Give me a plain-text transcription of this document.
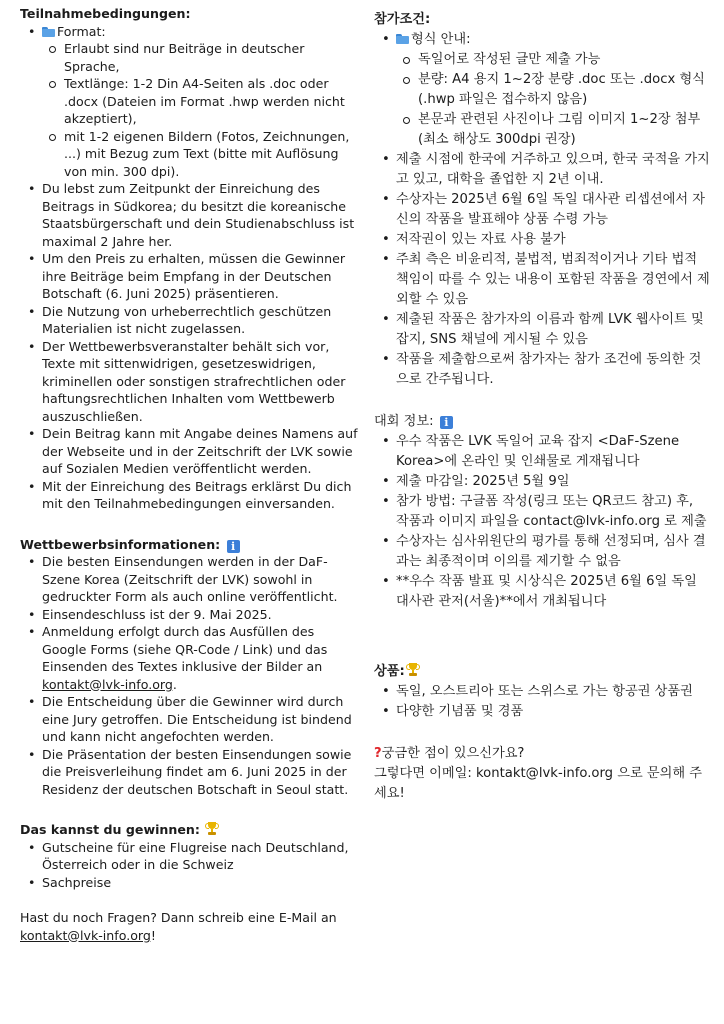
Teilnahmebedingungen:
• Format:
Erlaubt sind nur Beiträge in deutscher Sprache,
Textlänge: 1-2 Din A4-Seiten als .doc oder .docx (Dateien im Format .hwp werden nicht akzeptiert),
mit 1-2 eigenen Bildern (Fotos, Zeichnungen, ...) mit Bezug zum Text (bitte mit Auflösung von min. 300 dpi).
• Du lebst zum Zeitpunkt der Einreichung des Beitrags in Südkorea; du besitzt die koreanische Staatsbürgerschaft und dein Studienabschluss ist maximal 2 Jahre her.
• Um den Preis zu erhalten, müssen die Gewinner ihre Beiträge beim Empfang in der Deutschen Botschaft (6. Juni 2025) präsentieren.
• Die Nutzung von urheberrechtlich geschützen Materialien ist nicht zugelassen.
• Der Wettbewerbsveranstalter behält sich vor, Texte mit sittenwidrigen, gesetzeswidrigen, kriminellen oder sonstigen strafrechtlichen oder haftungsrechtlichen Inhalten vom Wettbewerb auszuschließen.
• Dein Beitrag kann mit Angabe deines Namens auf der Webseite und in der Zeitschrift der LVK sowie auf Sozialen Medien veröffentlicht werden.
• Mit der Einreichung des Beitrags erklärst Du dich mit den Teilnahmebedingungen einversanden.
Wettbewerbsinformationen: i
• Die besten Einsendungen werden in der DaF-Szene Korea (Zeitschrift der LVK) sowohl in gedruckter Form als auch online veröffentlicht.
• Einsendeschluss ist der 9. Mai 2025.
• Anmeldung erfolgt durch das Ausfüllen des Google Forms (siehe QR-Code / Link) und das Einsenden des Textes inklusive der Bilder an kontakt@lvk-info.org.
• Die Entscheidung über die Gewinner wird durch eine Jury getroffen. Die Entscheidung ist bindend und kann nicht angefochten werden.
• Die Präsentation der besten Einsendungen sowie die Preisverleihung findet am 6. Juni 2025 in der Residenz der deutschen Botschaft in Seoul statt.
Das kannst du gewinnen:
• Gutscheine für eine Flugreise nach Deutschland, Österreich oder in die Schweiz
• Sachpreise
Hast du noch Fragen? Dann schreib eine E-Mail an kontakt@lvk-info.org!
참가조건:
• 형식 안내:
독일어로 작성된 글만 제출 가능
분량: A4 용지 1~2장 분량 .doc 또는 .docx 형식 (.hwp 파일은 접수하지 않음)
본문과 관련된 사진이나 그림 이미지 1~2장 첨부 (최소 해상도 300dpi 권장)
• 제출 시점에 한국에 거주하고 있으며, 한국 국적을 가지고 있고, 대학을 졸업한 지 2년 이내.
• 수상자는 2025년 6월 6일 독일 대사관 리셉션에서 자신의 작품을 발표해야 상품 수령 가능
• 저작권이 있는 자료 사용 불가
• 주최 측은 비윤리적, 불법적, 범죄적이거나 기타 법적 책임이 따를 수 있는 내용이 포함된 작품을 경연에서 제외할 수 있음
• 제출된 작품은 참가자의 이름과 함께 LVK 웹사이트 및 잡지, SNS 채널에 게시될 수 있음
• 작품을 제출함으로써 참가자는 참가 조건에 동의한 것으로 간주됩니다.
대회 정보: i
• 우수 작품은 LVK 독일어 교육 잡지 <DaF-Szene Korea>에 온라인 및 인쇄물로 게재됩니다
• 제출 마감일: 2025년 5월 9일
• 참가 방법: 구글폼 작성(링크 또는 QR코드 참고) 후, 작품과 이미지 파일을 contact@lvk-info.org 로 제출
• 수상자는 심사위원단의 평가를 통해 선정되며, 심사 결과는 최종적이며 이의를 제기할 수 없음
• **우수 작품 발표 및 시상식은 2025년 6월 6일 독일 대사관 관저(서울)**에서 개최됩니다
상품:
• 독일, 오스트리아 또는 스위스로 가는 항공권 상품권
• 다양한 기념품 및 경품
?궁금한 점이 있으신가요?
그렇다면 이메일: kontakt@lvk-info.org 으로 문의해 주세요!
